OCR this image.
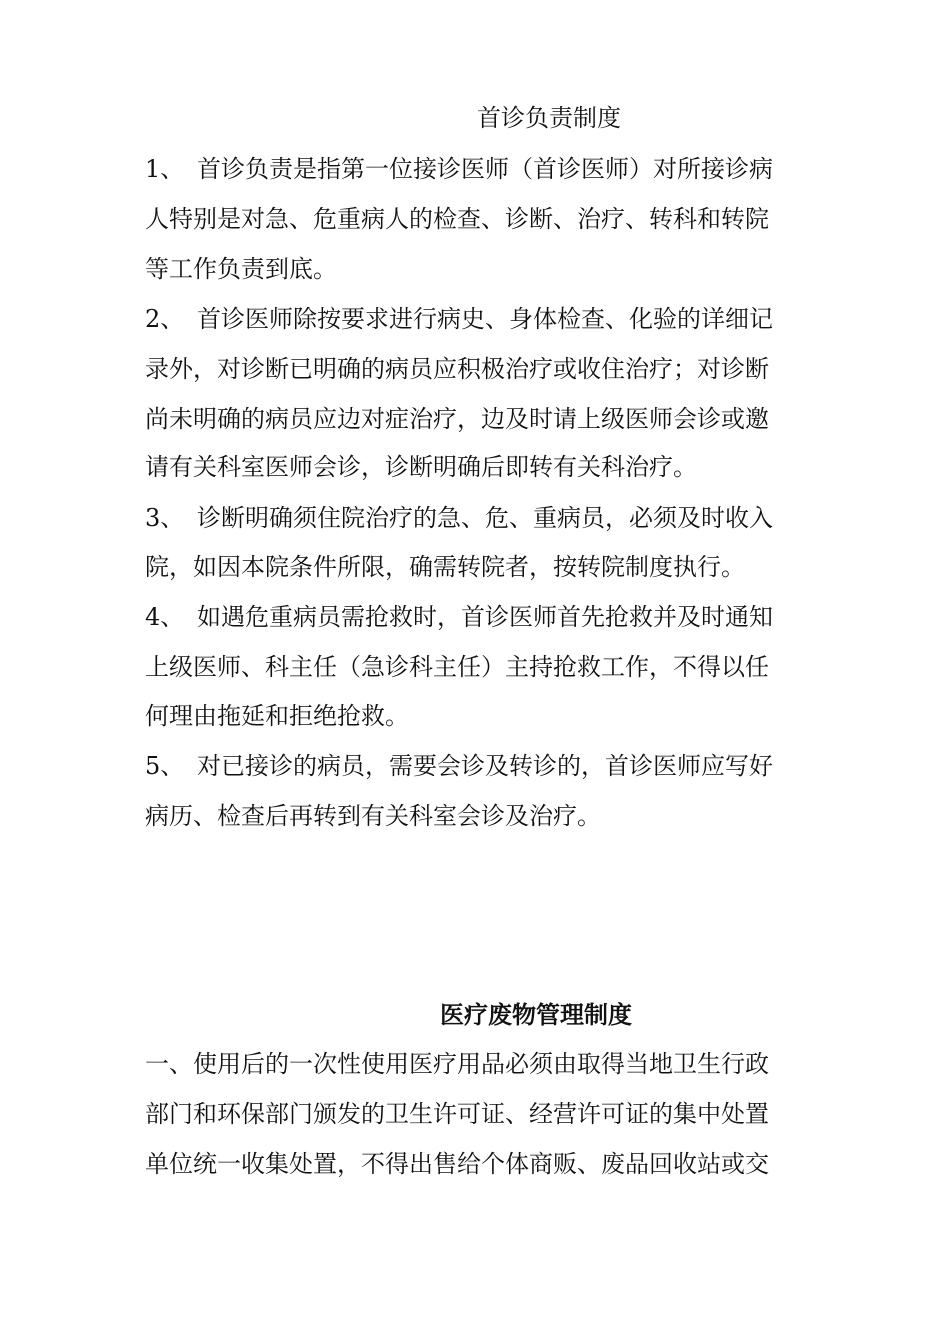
首诊负责制度
1、 首诊负责是指第一位接诊医师（首诊医师）对所接诊病
人特别是对急、危重病人的检查、诊断、治疗、转科和转院
等工作负责到底。
2、 首诊医师除按要求进行病史、身体检查、化验的详细记
录外，对诊断已明确的病员应积极治疗或收住治疗；对诊断
尚未明确的病员应边对症治疗，边及时请上级医师会诊或邀
请有关科室医师会诊，诊断明确后即转有关科治疗。
3、 诊断明确须住院治疗的急、危、重病员，必须及时收入
院，如因本院条件所限，确需转院者，按转院制度执行。
4、 如遇危重病员需抢救时，首诊医师首先抢救并及时通知
上级医师、科主任（急诊科主任）主持抢救工作，不得以任
何理由拖延和拒绝抢救。
5、 对已接诊的病员，需要会诊及转诊的，首诊医师应写好
病历、检查后再转到有关科室会诊及治疗。
医疗废物管理制度
一、使用后的一次性使用医疗用品必须由取得当地卫生行政
部门和环保部门颁发的卫生许可证、经营许可证的集中处置
单位统一收集处置，不得出售给个体商贩、废品回收站或交
